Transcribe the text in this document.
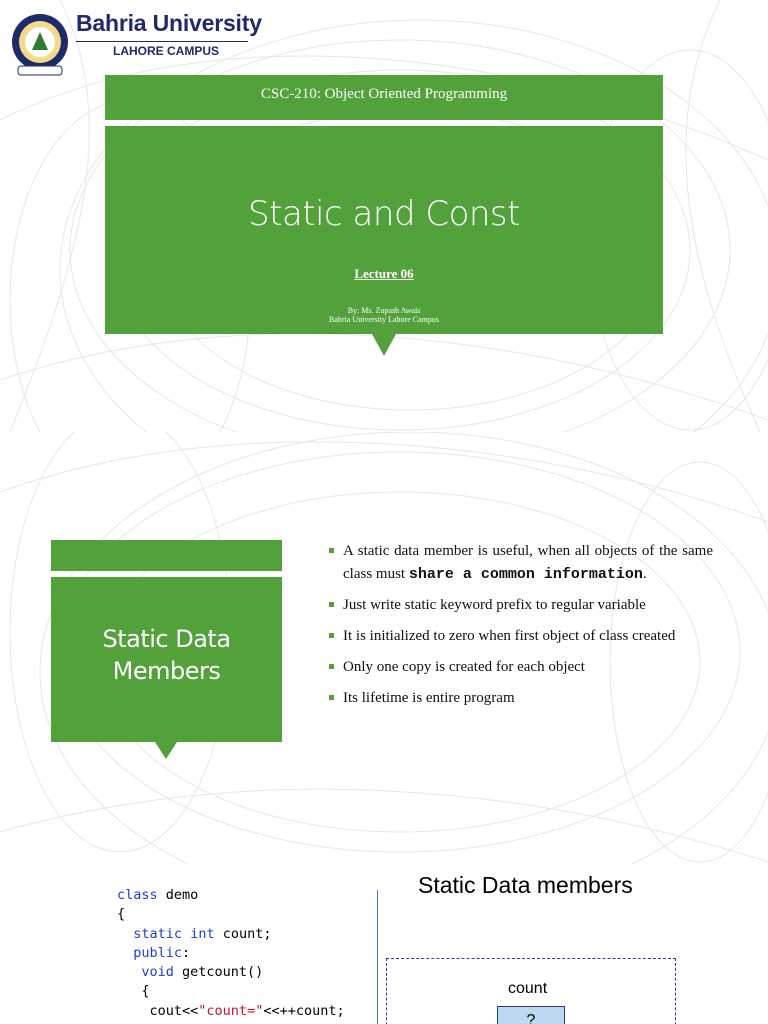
Bahria University
LAHORE CAMPUS
CSC-210: Object Oriented Programming
Static and Const
Lecture 06
By: Ms. Zupash Awais
Bahria University Lahore Campus
Static Data
Members
A static data member is useful, when all objects of the same class must share a common information.
Just write static keyword prefix to regular variable
It is initialized to zero when first object of class created
Only one copy is created for each object
Its lifetime is entire program
class demo
{
static int count;
public:
void getcount()
{
cout<<"count="<<++count;
Static Data members
count
?
